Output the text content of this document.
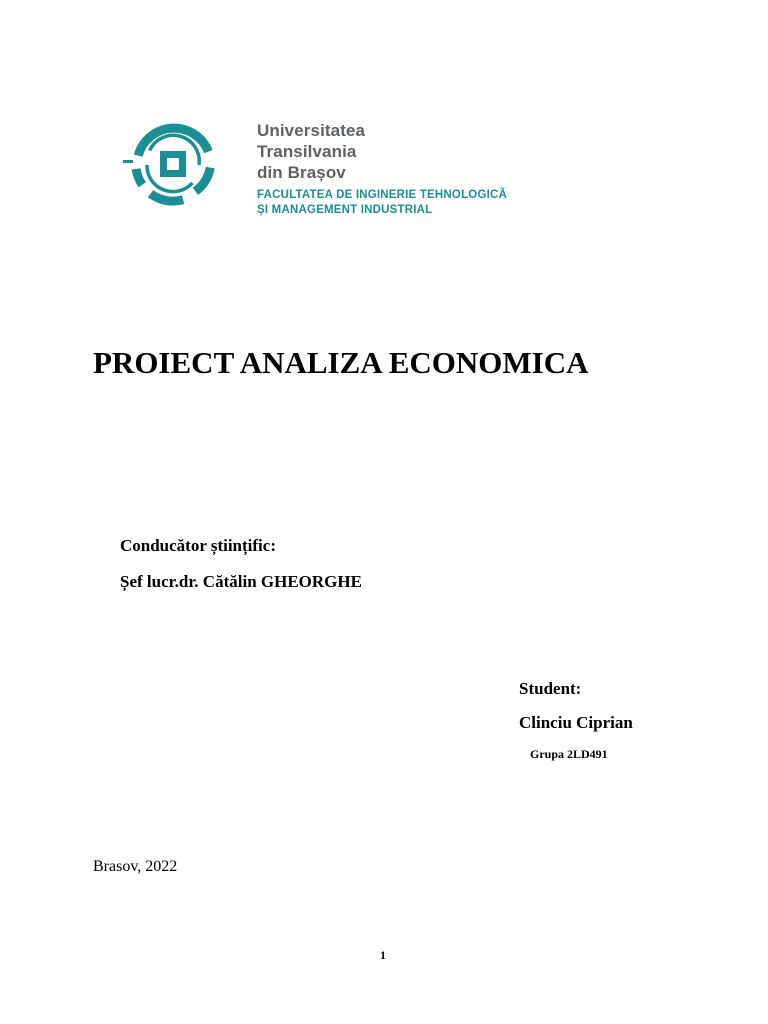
Universitatea
Transilvania
din Brașov
FACULTATEA DE INGINERIE TEHNOLOGICĂ
ȘI MANAGEMENT INDUSTRIAL
PROIECT ANALIZA ECONOMICA
Conducător științific:
Șef lucr.dr. Cătălin GHEORGHE
Student:
Clinciu Ciprian
Grupa 2LD491
Brasov, 2022
1
